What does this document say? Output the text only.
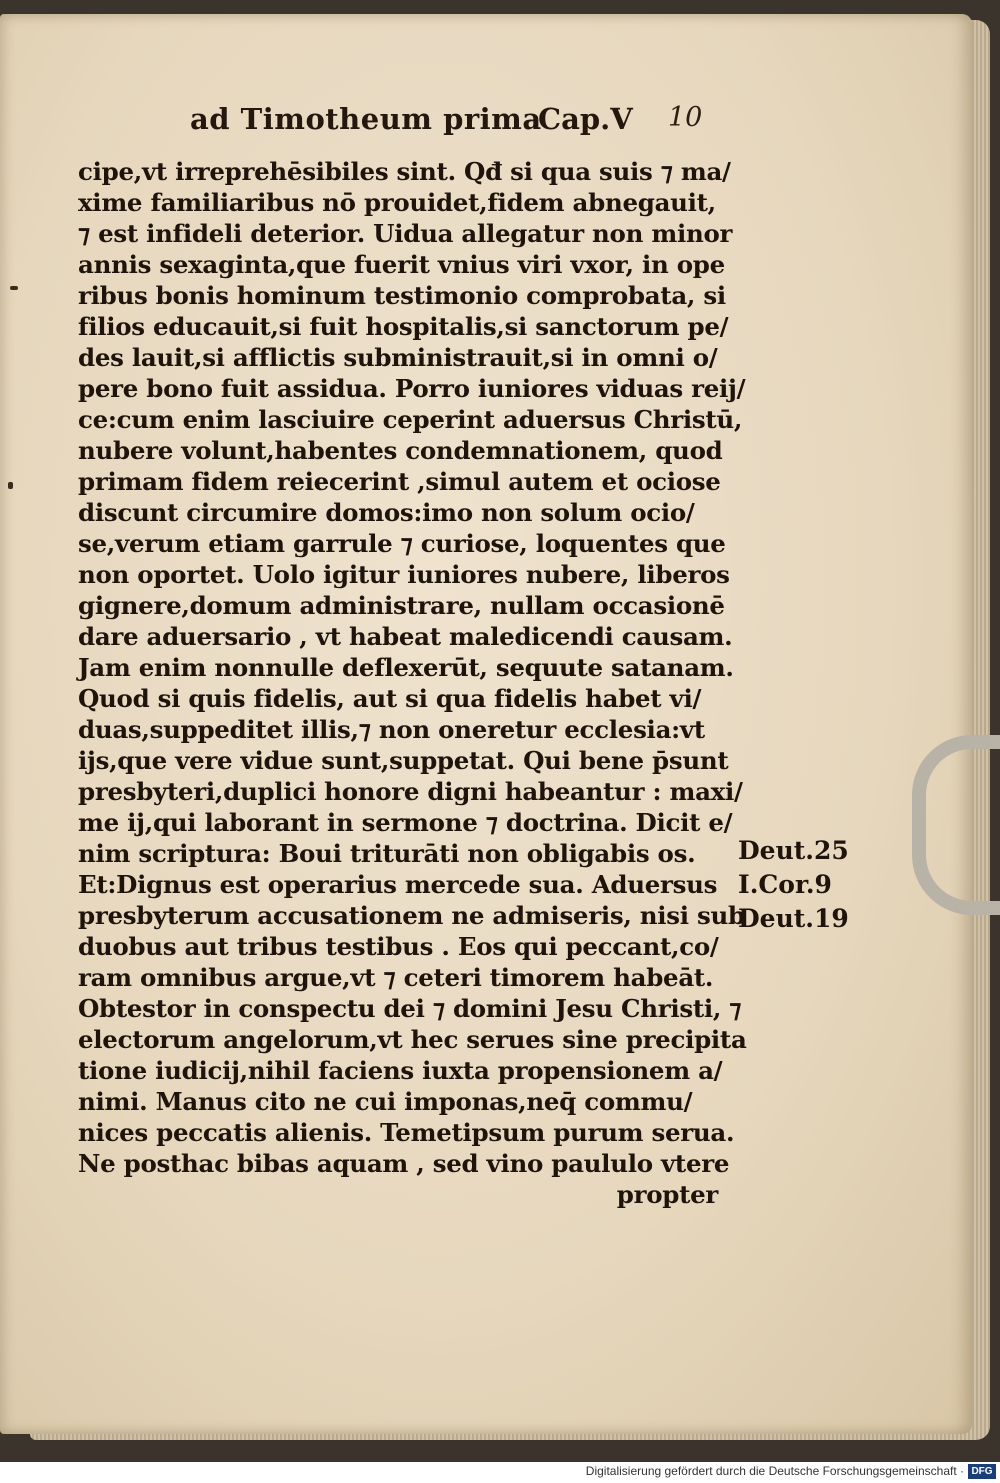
ad Timotheum prima
Cap.V 10
cipe,vt irreprehēsibiles sint. Qđ si qua suis ⁊ ma/
xime familiaribus nō prouidet,fidem abnegauit,
⁊ est infideli deterior. Uidua allegatur non minor
annis sexaginta,que fuerit vnius viri vxor, in ope
ribus bonis hominum testimonio comprobata, si
filios educauit,si fuit hospitalis,si sanctorum pe/
des lauit,si afflictis subministrauit,si in omni o/
pere bono fuit assidua. Porro iuniores viduas reij/
ce:cum enim lasciuire ceperint aduersus Christū,
nubere volunt,habentes condemnationem, quod
primam fidem reiecerint ,simul autem et ociose
discunt circumire domos:imo non solum ocio/
se,verum etiam garrule ⁊ curiose, loquentes que
non oportet. Uolo igitur iuniores nubere, liberos
gignere,domum administrare, nullam occasionē
dare aduersario , vt habeat maledicendi causam.
Jam enim nonnulle deflexerūt, sequute satanam.
Quod si quis fidelis, aut si qua fidelis habet vi/
duas,suppeditet illis,⁊ non oneretur ecclesia:vt
ijs,que vere vidue sunt,suppetat. Qui bene p̄sunt
presbyteri,duplici honore digni habeantur : maxi/
me ij,qui laborant in sermone ⁊ doctrina. Dicit e/
nim scriptura: Boui triturāti non obligabis os.
Et:Dignus est operarius mercede sua. Aduersus
presbyterum accusationem ne admiseris, nisi sub
duobus aut tribus testibus . Eos qui peccant,co/
ram omnibus argue,vt ⁊ ceteri timorem habeāt.
Obtestor in conspectu dei ⁊ domini Jesu Christi, ⁊
electorum angelorum,vt hec serues sine precipita
tione iudicij,nihil faciens iuxta propensionem a/
nimi. Manus cito ne cui imponas,neq̄ commu/
nices peccatis alienis. Temetipsum purum serua.
Ne posthac bibas aquam , sed vino paululo vtere
propter
Deut.25
I.Cor.9
Deut.19
Digitalisierung gefördert durch die Deutsche Forschungsgemeinschaft · DFG
